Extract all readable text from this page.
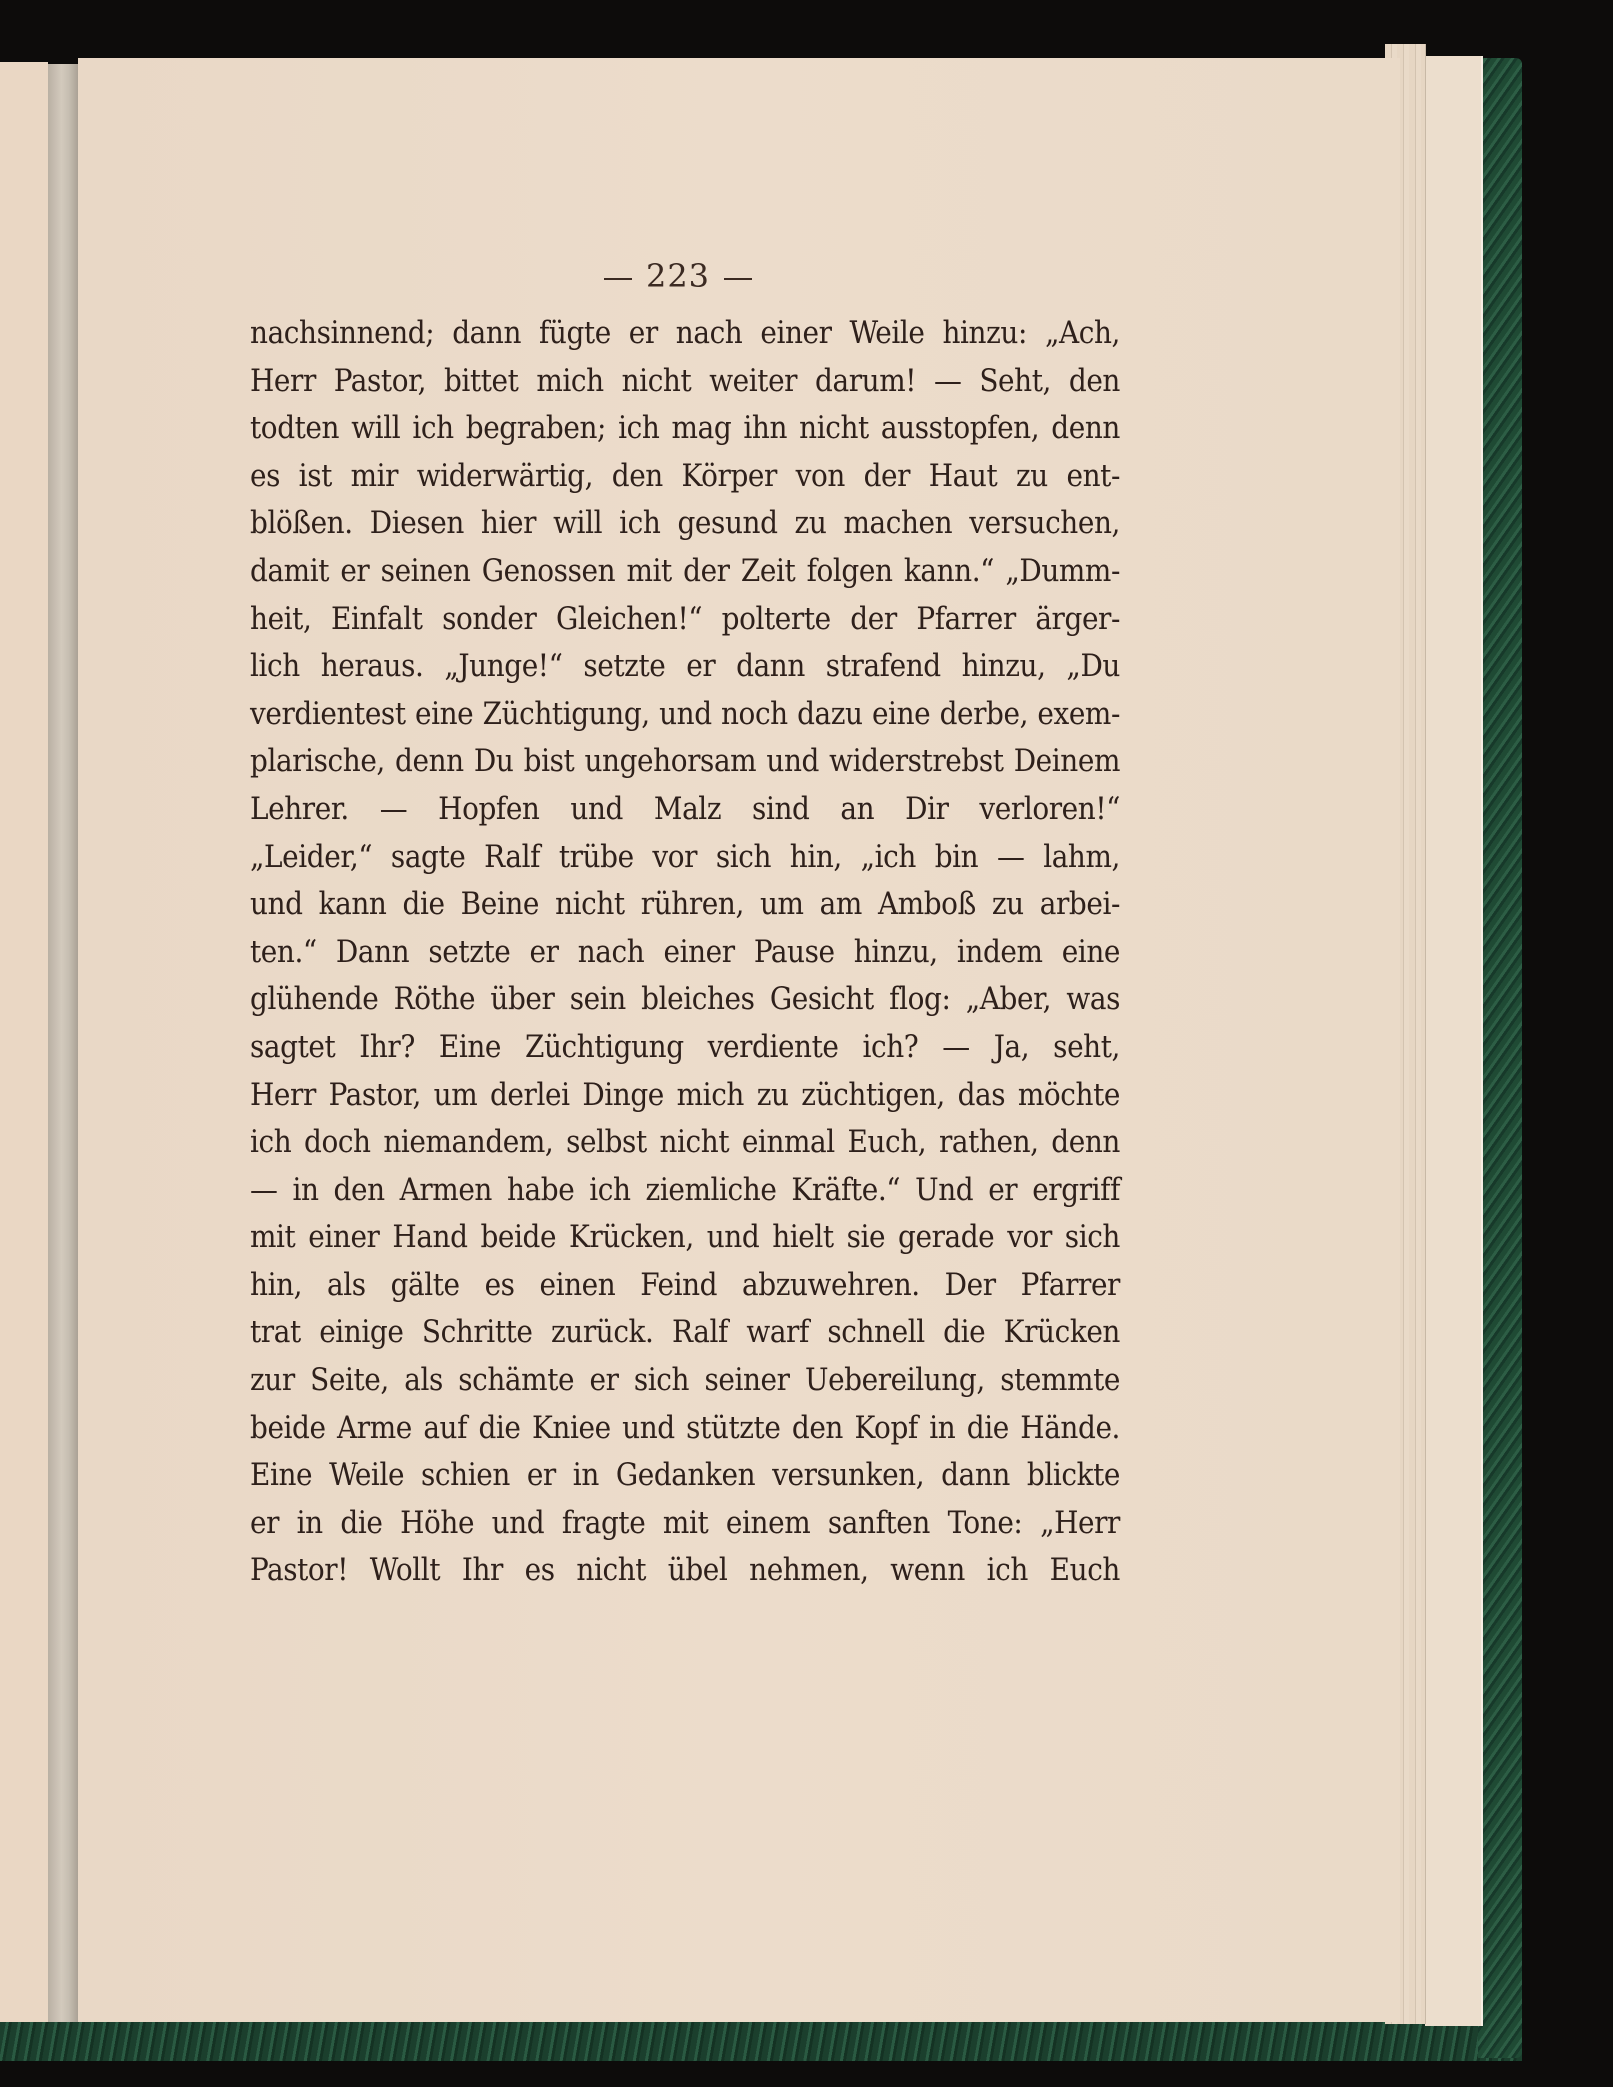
223
nachsinnend; dann fügte er nach einer Weile hinzu: „Ach,
Herr Pastor, bittet mich nicht weiter darum! — Seht, den
todten will ich begraben; ich mag ihn nicht ausstopfen, denn
es ist mir widerwärtig, den Körper von der Haut zu ent-
blößen. Diesen hier will ich gesund zu machen versuchen,
damit er seinen Genossen mit der Zeit folgen kann.“ „Dumm-
heit, Einfalt sonder Gleichen!“ polterte der Pfarrer ärger-
lich heraus. „Junge!“ setzte er dann strafend hinzu, „Du
verdientest eine Züchtigung, und noch dazu eine derbe, exem-
plarische, denn Du bist ungehorsam und widerstrebst Deinem
Lehrer. — Hopfen und Malz sind an Dir verloren!“
„Leider,“ sagte Ralf trübe vor sich hin, „ich bin — lahm,
und kann die Beine nicht rühren, um am Amboß zu arbei-
ten.“ Dann setzte er nach einer Pause hinzu, indem eine
glühende Röthe über sein bleiches Gesicht flog: „Aber, was
sagtet Ihr? Eine Züchtigung verdiente ich? — Ja, seht,
Herr Pastor, um derlei Dinge mich zu züchtigen, das möchte
ich doch niemandem, selbst nicht einmal Euch, rathen, denn
— in den Armen habe ich ziemliche Kräfte.“ Und er ergriff
mit einer Hand beide Krücken, und hielt sie gerade vor sich
hin, als gälte es einen Feind abzuwehren. Der Pfarrer
trat einige Schritte zurück. Ralf warf schnell die Krücken
zur Seite, als schämte er sich seiner Uebereilung, stemmte
beide Arme auf die Kniee und stützte den Kopf in die Hände.
Eine Weile schien er in Gedanken versunken, dann blickte
er in die Höhe und fragte mit einem sanften Tone: „Herr
Pastor! Wollt Ihr es nicht übel nehmen, wenn ich Euch
